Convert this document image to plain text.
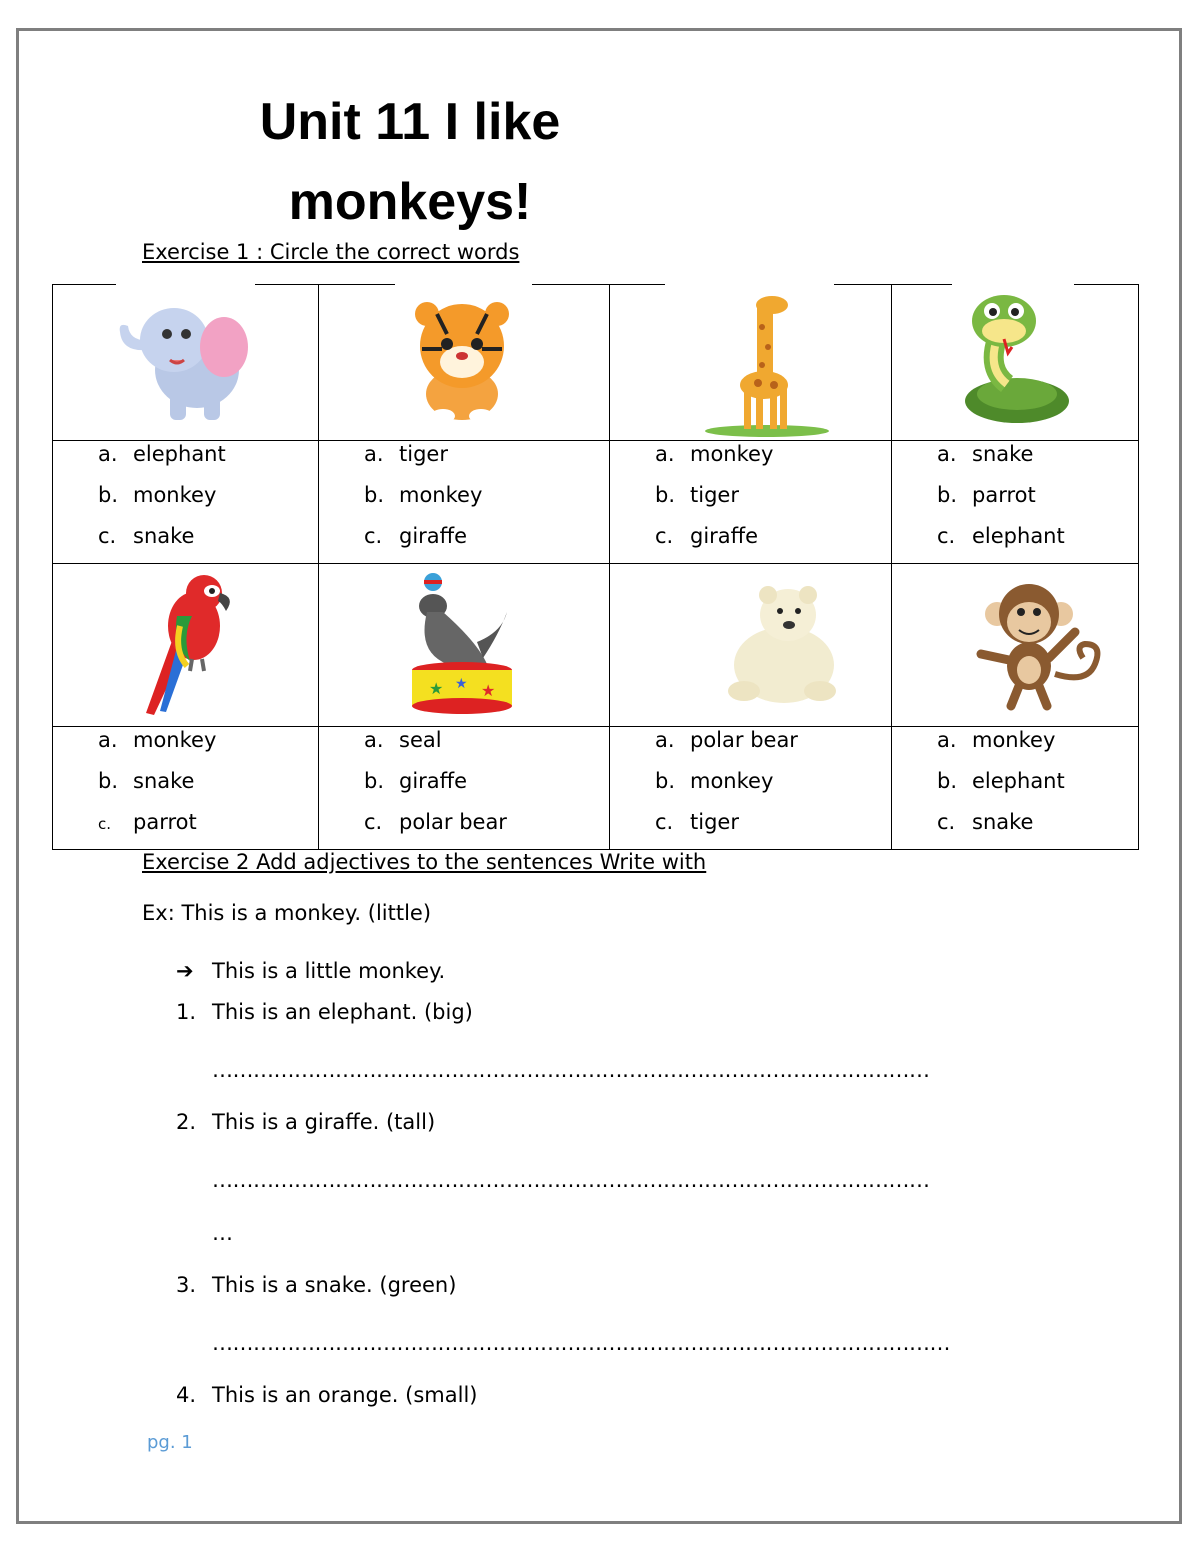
Unit 11 I like
monkeys!
Exercise 1 : Circle the correct words
a. elephant
b. monkey
c. snake
a. tiger
b. monkey
c. giraffe
a. monkey
b. tiger
c. giraffe
a. snake
b. parrot
c. elephant
★ ★ ★
a. monkey
b. snake
c. parrot
a. seal
b. giraffe
c. polar bear
a. polar bear
b. monkey
c. tiger
a. monkey
b. elephant
c. snake
Exercise 2 Add adjectives to the sentences Write with
Ex: This is a monkey. (little)
➔ This is a little monkey.
1. This is an elephant. (big)
……………………………………………………………………………………………
2. This is a giraffe. (tall)
……………………………………………………………………………………………
…
3. This is a snake. (green)
………………………………………………………………………………………………
4. This is an orange. (small)
pg. 1
